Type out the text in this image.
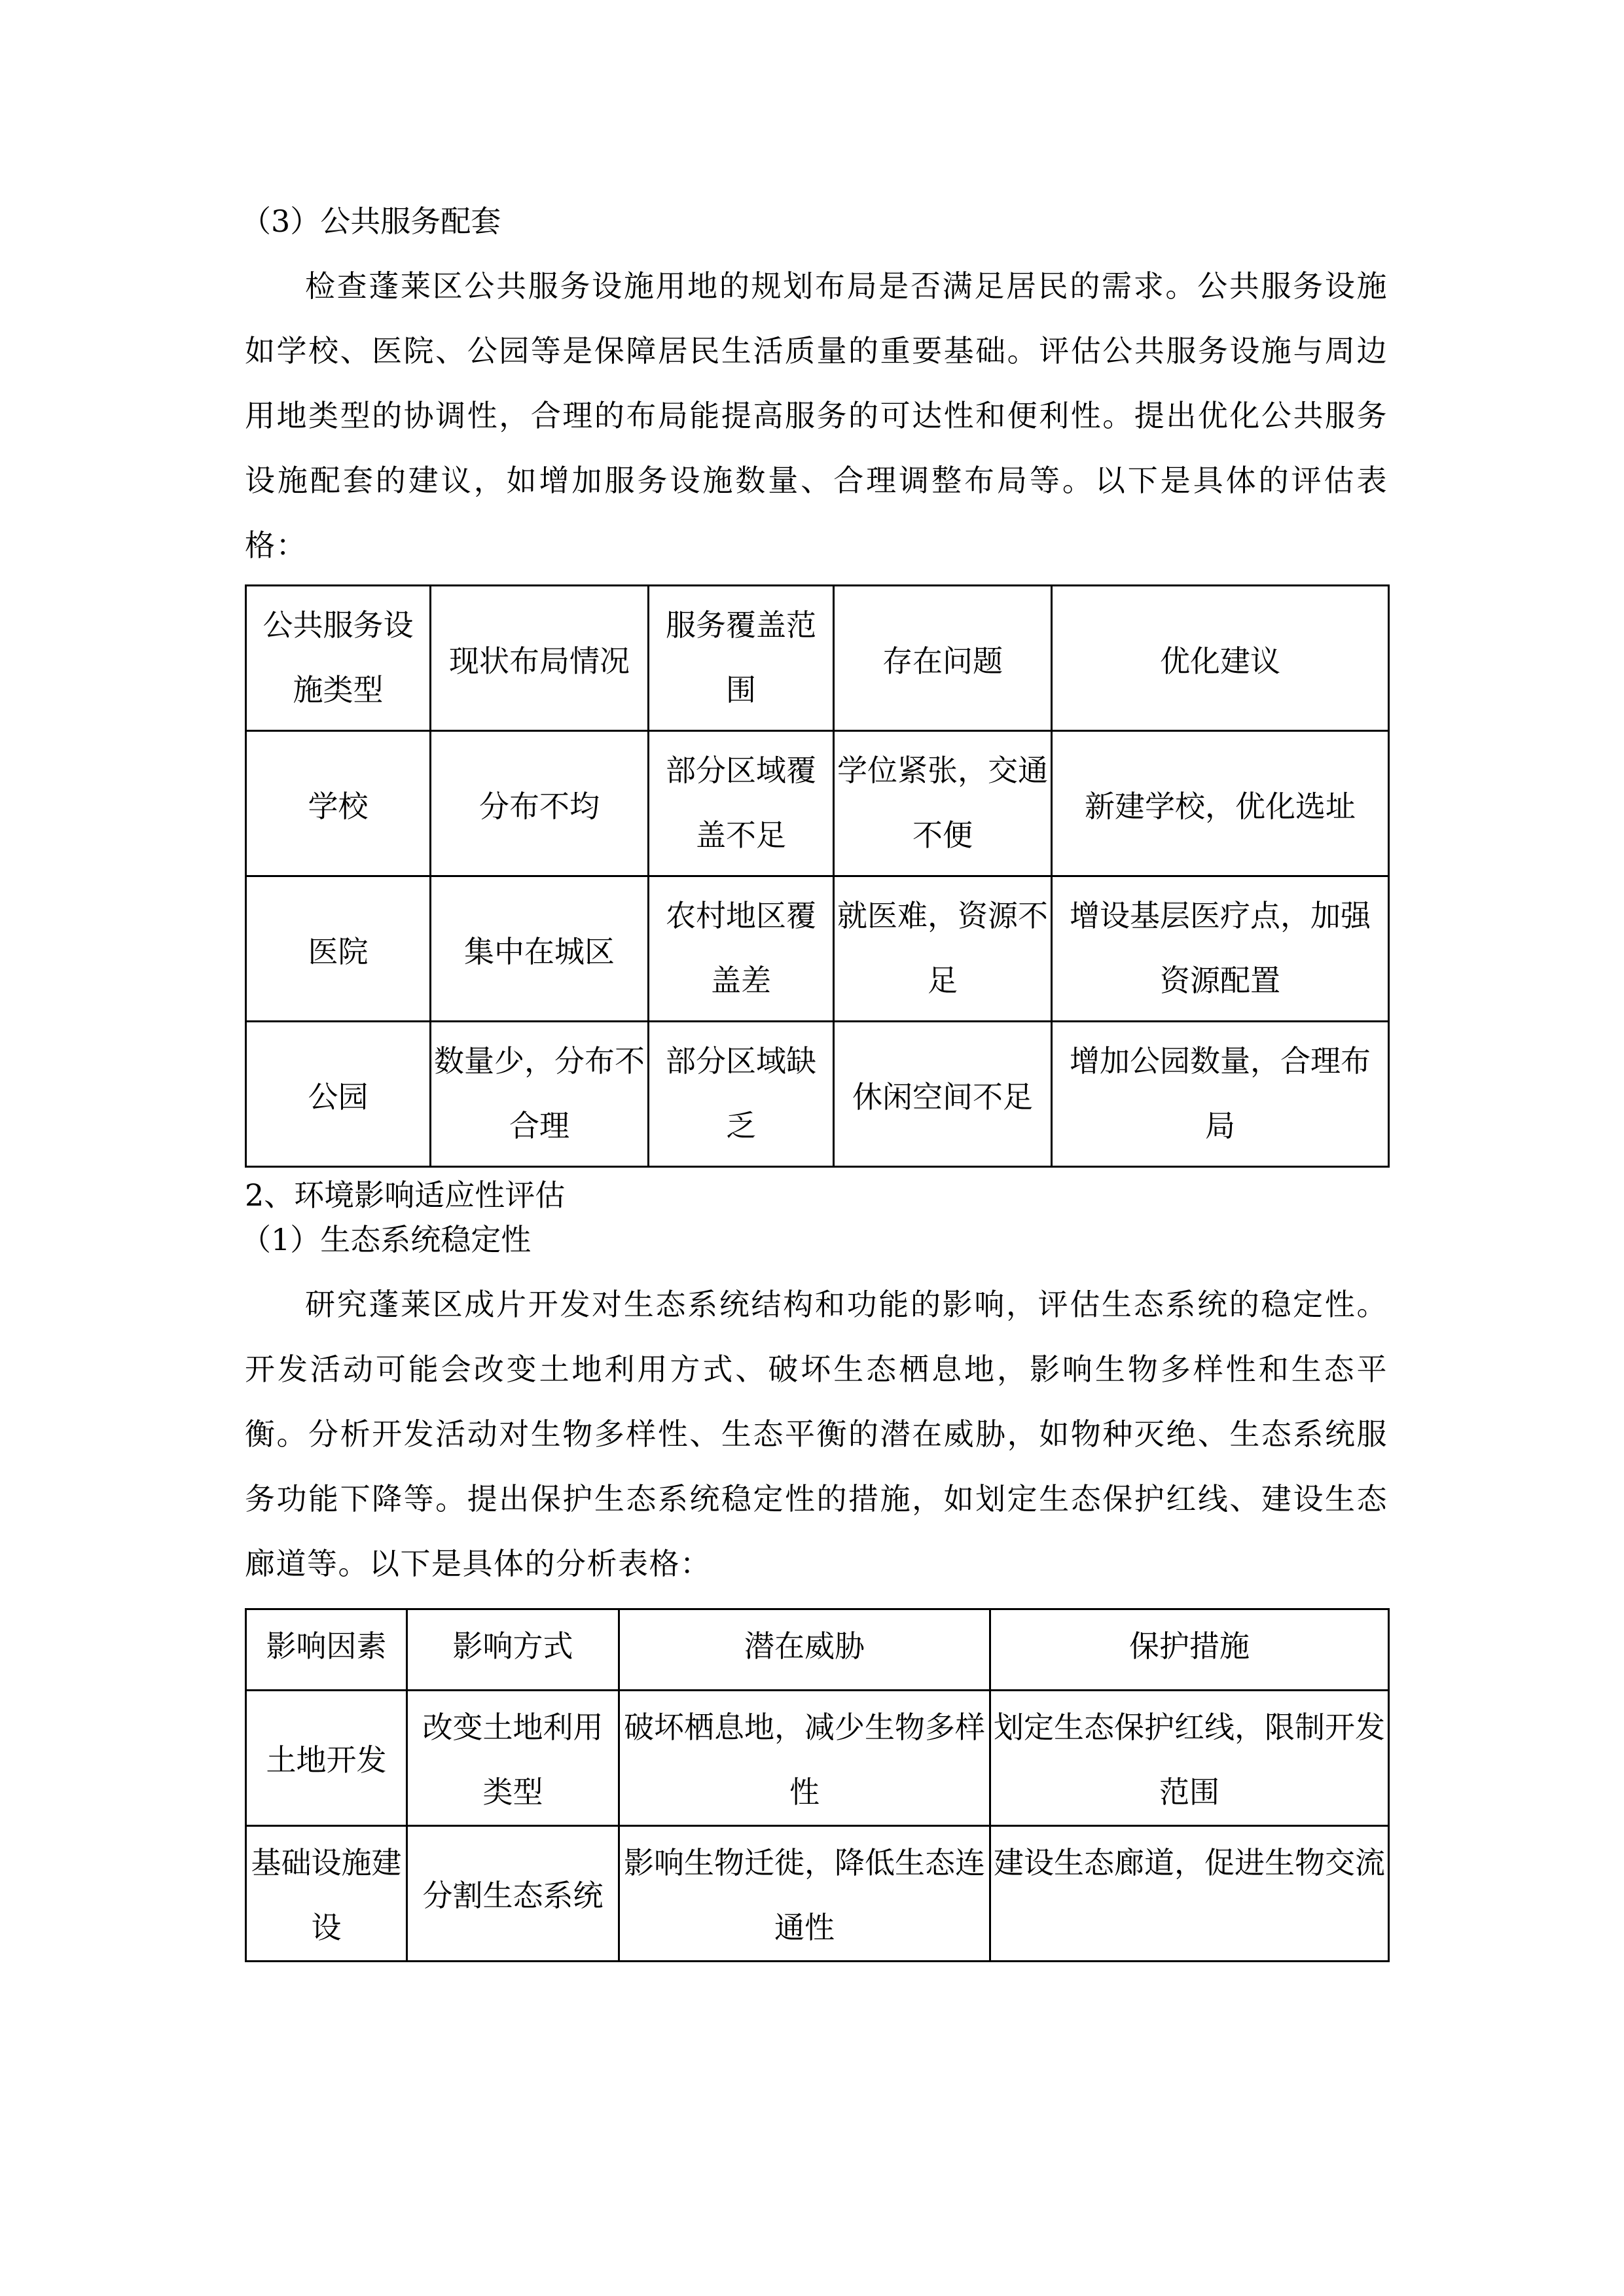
（3）公共服务配套

检查蓬莱区公共服务设施用地的规划布局是否满足居民的需求。公共服务设施如学校、医院、公园等是保障居民生活质量的重要基础。评估公共服务设施与周边用地类型的协调性，合理的布局能提高服务的可达性和便利性。提出优化公共服务设施配套的建议，如增加服务设施数量、合理调整布局等。以下是具体的评估表格：

公共服务设施类型	现状布局情况	服务覆盖范围	存在问题	优化建议
学校	分布不均	部分区域覆盖不足	学位紧张，交通不便	新建学校，优化选址
医院	集中在城区	农村地区覆盖差	就医难，资源不足	增设基层医疗点，加强资源配置
公园	数量少，分布不合理	部分区域缺乏	休闲空间不足	增加公园数量，合理布局

2、环境影响适应性评估

（1）生态系统稳定性

研究蓬莱区成片开发对生态系统结构和功能的影响，评估生态系统的稳定性。开发活动可能会改变土地利用方式、破坏生态栖息地，影响生物多样性和生态平衡。分析开发活动对生物多样性、生态平衡的潜在威胁，如物种灭绝、生态系统服务功能下降等。提出保护生态系统稳定性的措施，如划定生态保护红线、建设生态廊道等。以下是具体的分析表格：

影响因素	影响方式	潜在威胁	保护措施
土地开发	改变土地利用类型	破坏栖息地，减少生物多样性	划定生态保护红线，限制开发范围
基础设施建设	分割生态系统	影响生物迁徙，降低生态连通性	建设生态廊道，促进生物交流
